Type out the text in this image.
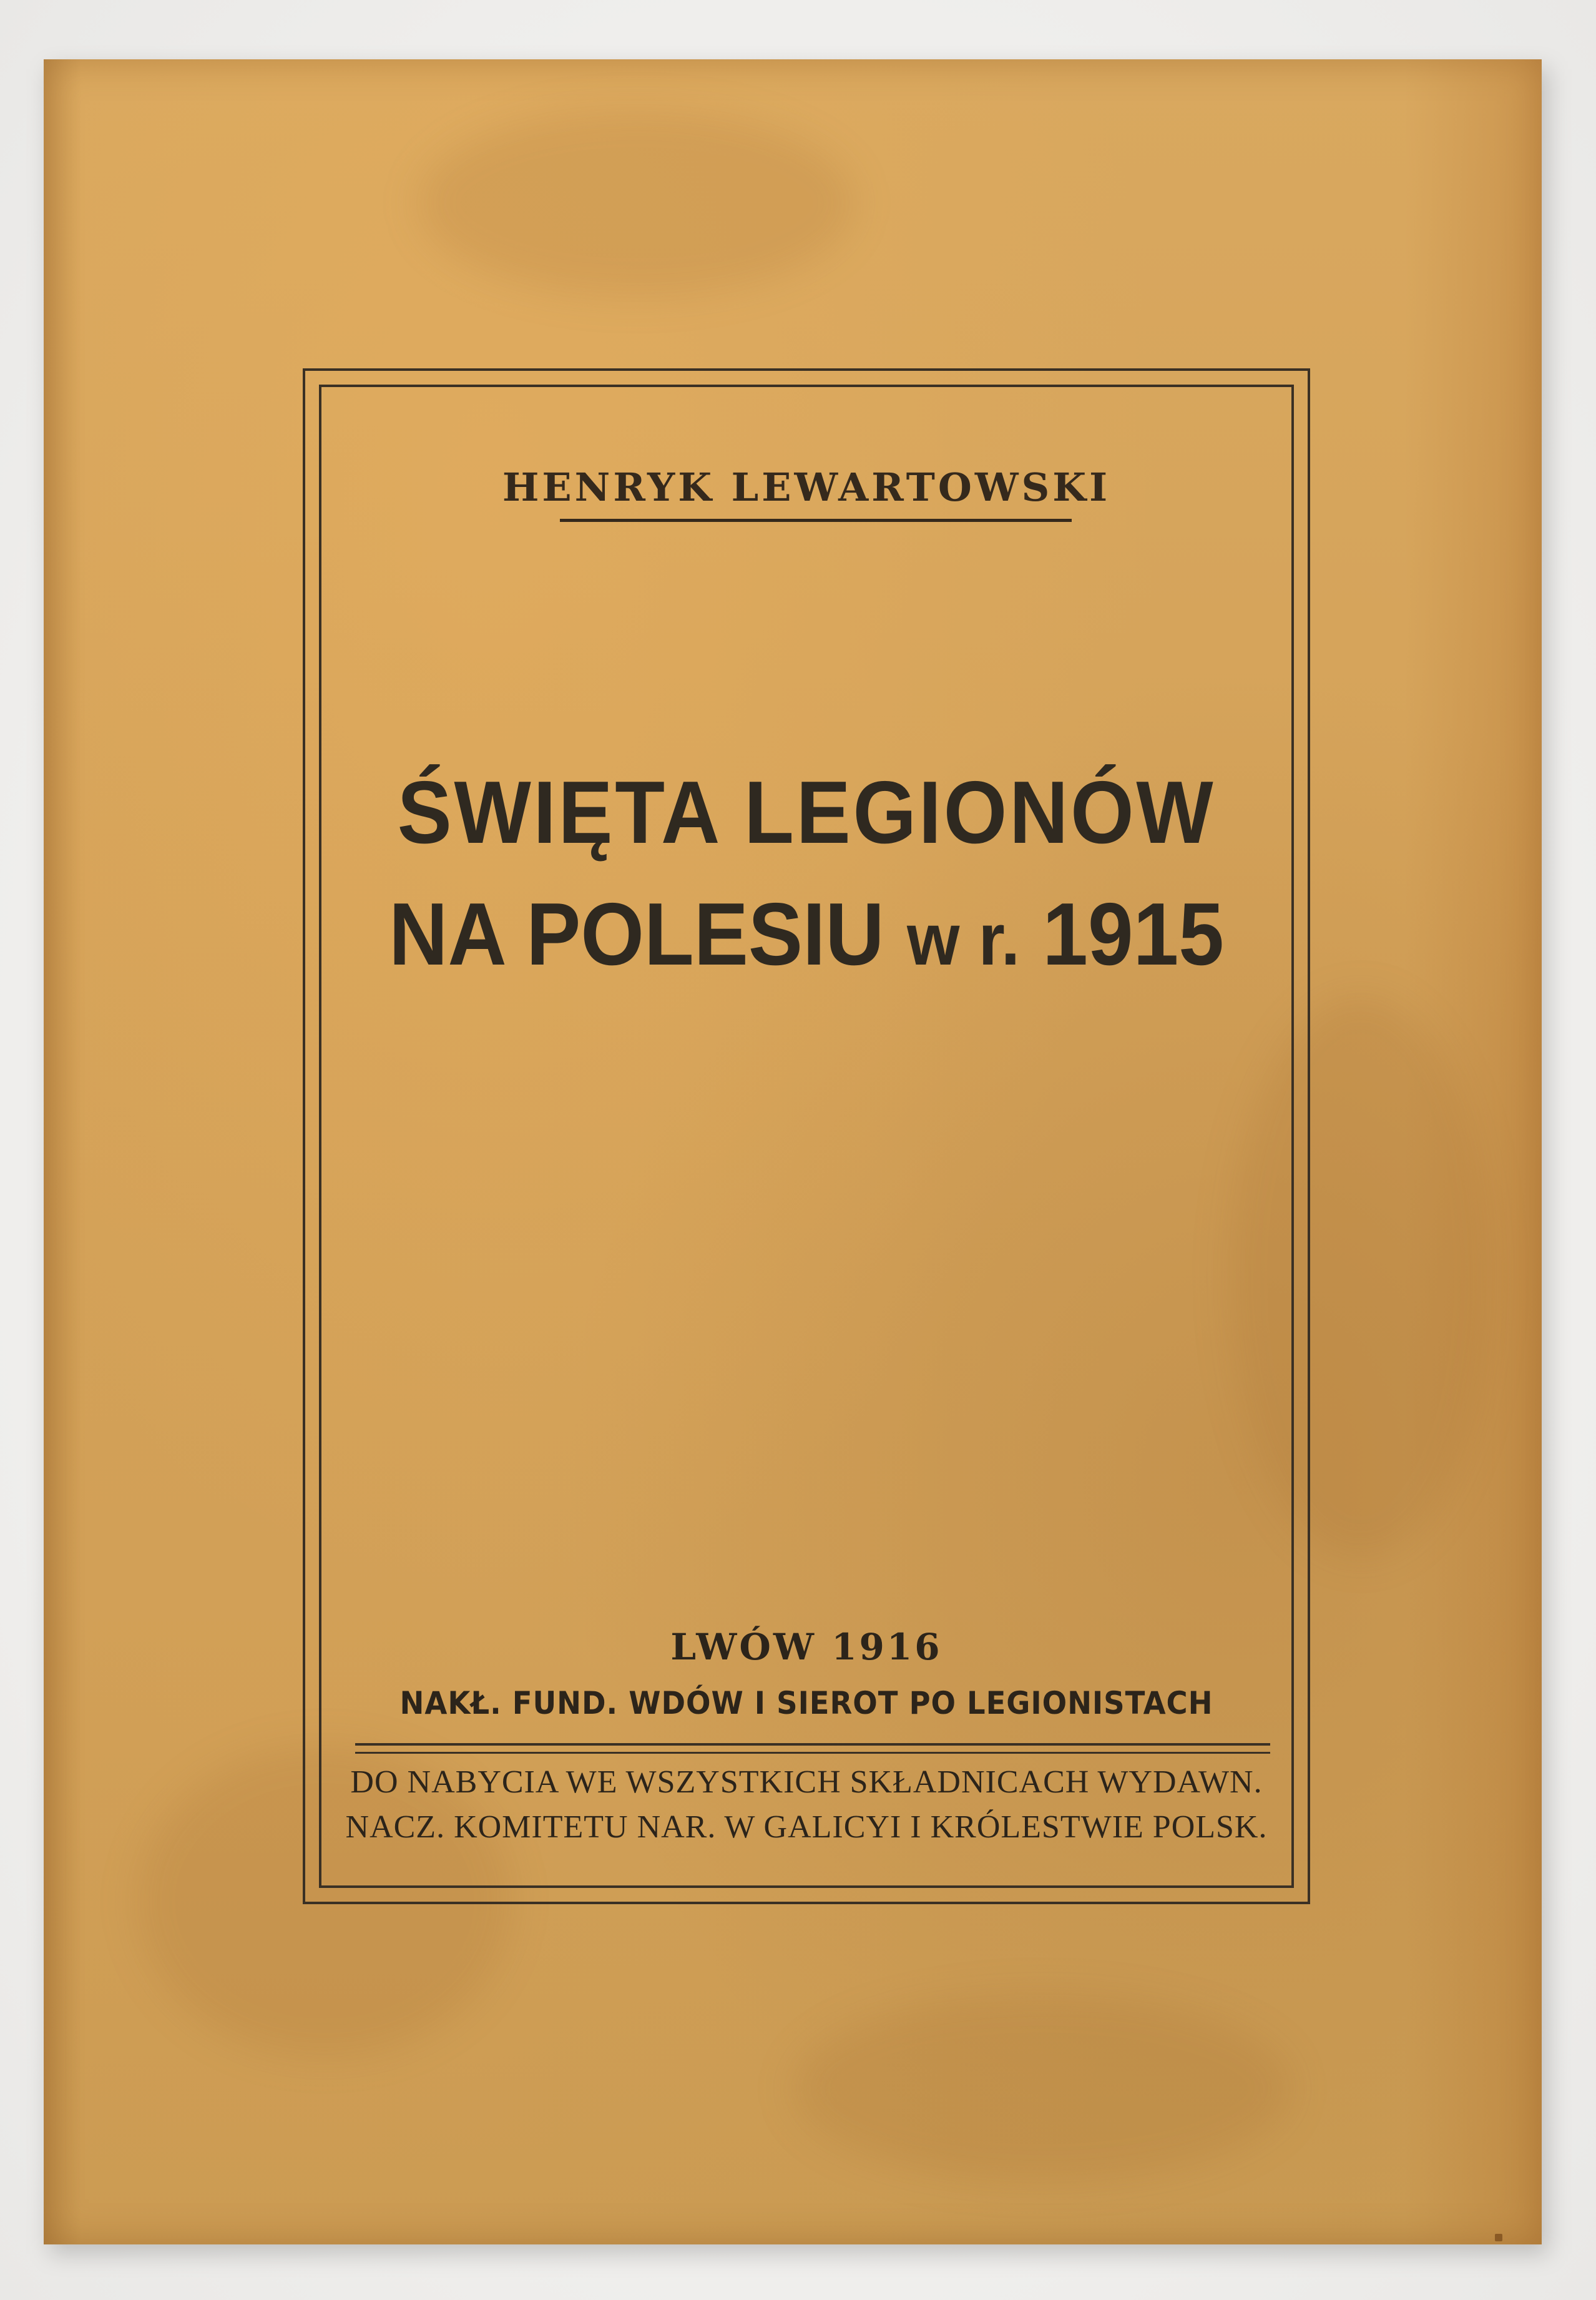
HENRYK LEWARTOWSKI
ŚWIĘTA LEGIONÓW
NA POLESIU w r. 1915
LWÓW 1916
NAKŁ. FUND. WDÓW I SIEROT PO LEGIONISTACH
DO NABYCIA WE WSZYSTKICH SKŁADNICACH WYDAWN.
NACZ. KOMITETU NAR. W GALICYI I KRÓLESTWIE POLSK.
